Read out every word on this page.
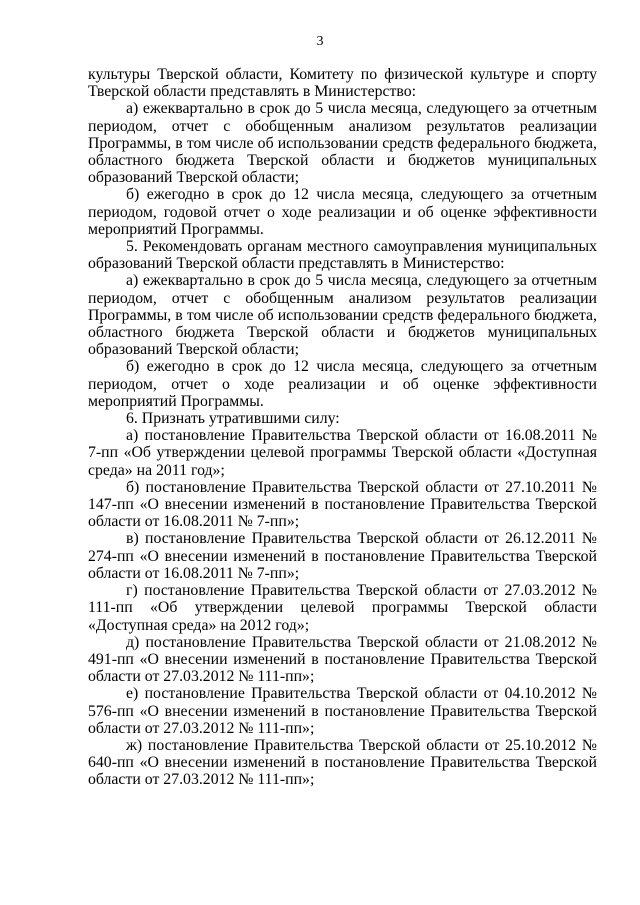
3

культуры Тверской области, Комитету по физической культуре и спорту Тверской области представлять в Министерство:

а) ежеквартально в срок до 5 числа месяца, следующего за отчетным периодом, отчет с обобщенным анализом результатов реализации Программы, в том числе об использовании средств федерального бюджета, областного бюджета Тверской области и бюджетов муниципальных образований Тверской области;

б) ежегодно в срок до 12 числа месяца, следующего за отчетным периодом, годовой отчет о ходе реализации и об оценке эффективности мероприятий Программы.

5. Рекомендовать органам местного самоуправления муниципальных образований Тверской области представлять в Министерство:

а) ежеквартально в срок до 5 числа месяца, следующего за отчетным периодом, отчет с обобщенным анализом результатов реализации Программы, в том числе об использовании средств федерального бюджета, областного бюджета Тверской области и бюджетов муниципальных образований Тверской области;

б) ежегодно в срок до 12 числа месяца, следующего за отчетным периодом, отчет о ходе реализации и об оценке эффективности мероприятий Программы.

6. Признать утратившими силу:

а) постановление Правительства Тверской области от 16.08.2011 № 7-пп «Об утверждении целевой программы Тверской области «Доступная среда» на 2011 год»;

б) постановление Правительства Тверской области от 27.10.2011 № 147-пп «О внесении изменений в постановление Правительства Тверской области от 16.08.2011 № 7-пп»;

в) постановление Правительства Тверской области от 26.12.2011 № 274-пп «О внесении изменений в постановление Правительства Тверской области от 16.08.2011 № 7-пп»;

г) постановление Правительства Тверской области от 27.03.2012 № 111-пп «Об утверждении целевой программы Тверской области «Доступная среда» на 2012 год»;

д) постановление Правительства Тверской области от 21.08.2012 № 491-пп «О внесении изменений в постановление Правительства Тверской области от 27.03.2012 № 111-пп»;

е) постановление Правительства Тверской области от 04.10.2012 № 576-пп «О внесении изменений в постановление Правительства Тверской области от 27.03.2012 № 111-пп»;

ж) постановление Правительства Тверской области от 25.10.2012 № 640-пп «О внесении изменений в постановление Правительства Тверской области от 27.03.2012 № 111-пп»;
